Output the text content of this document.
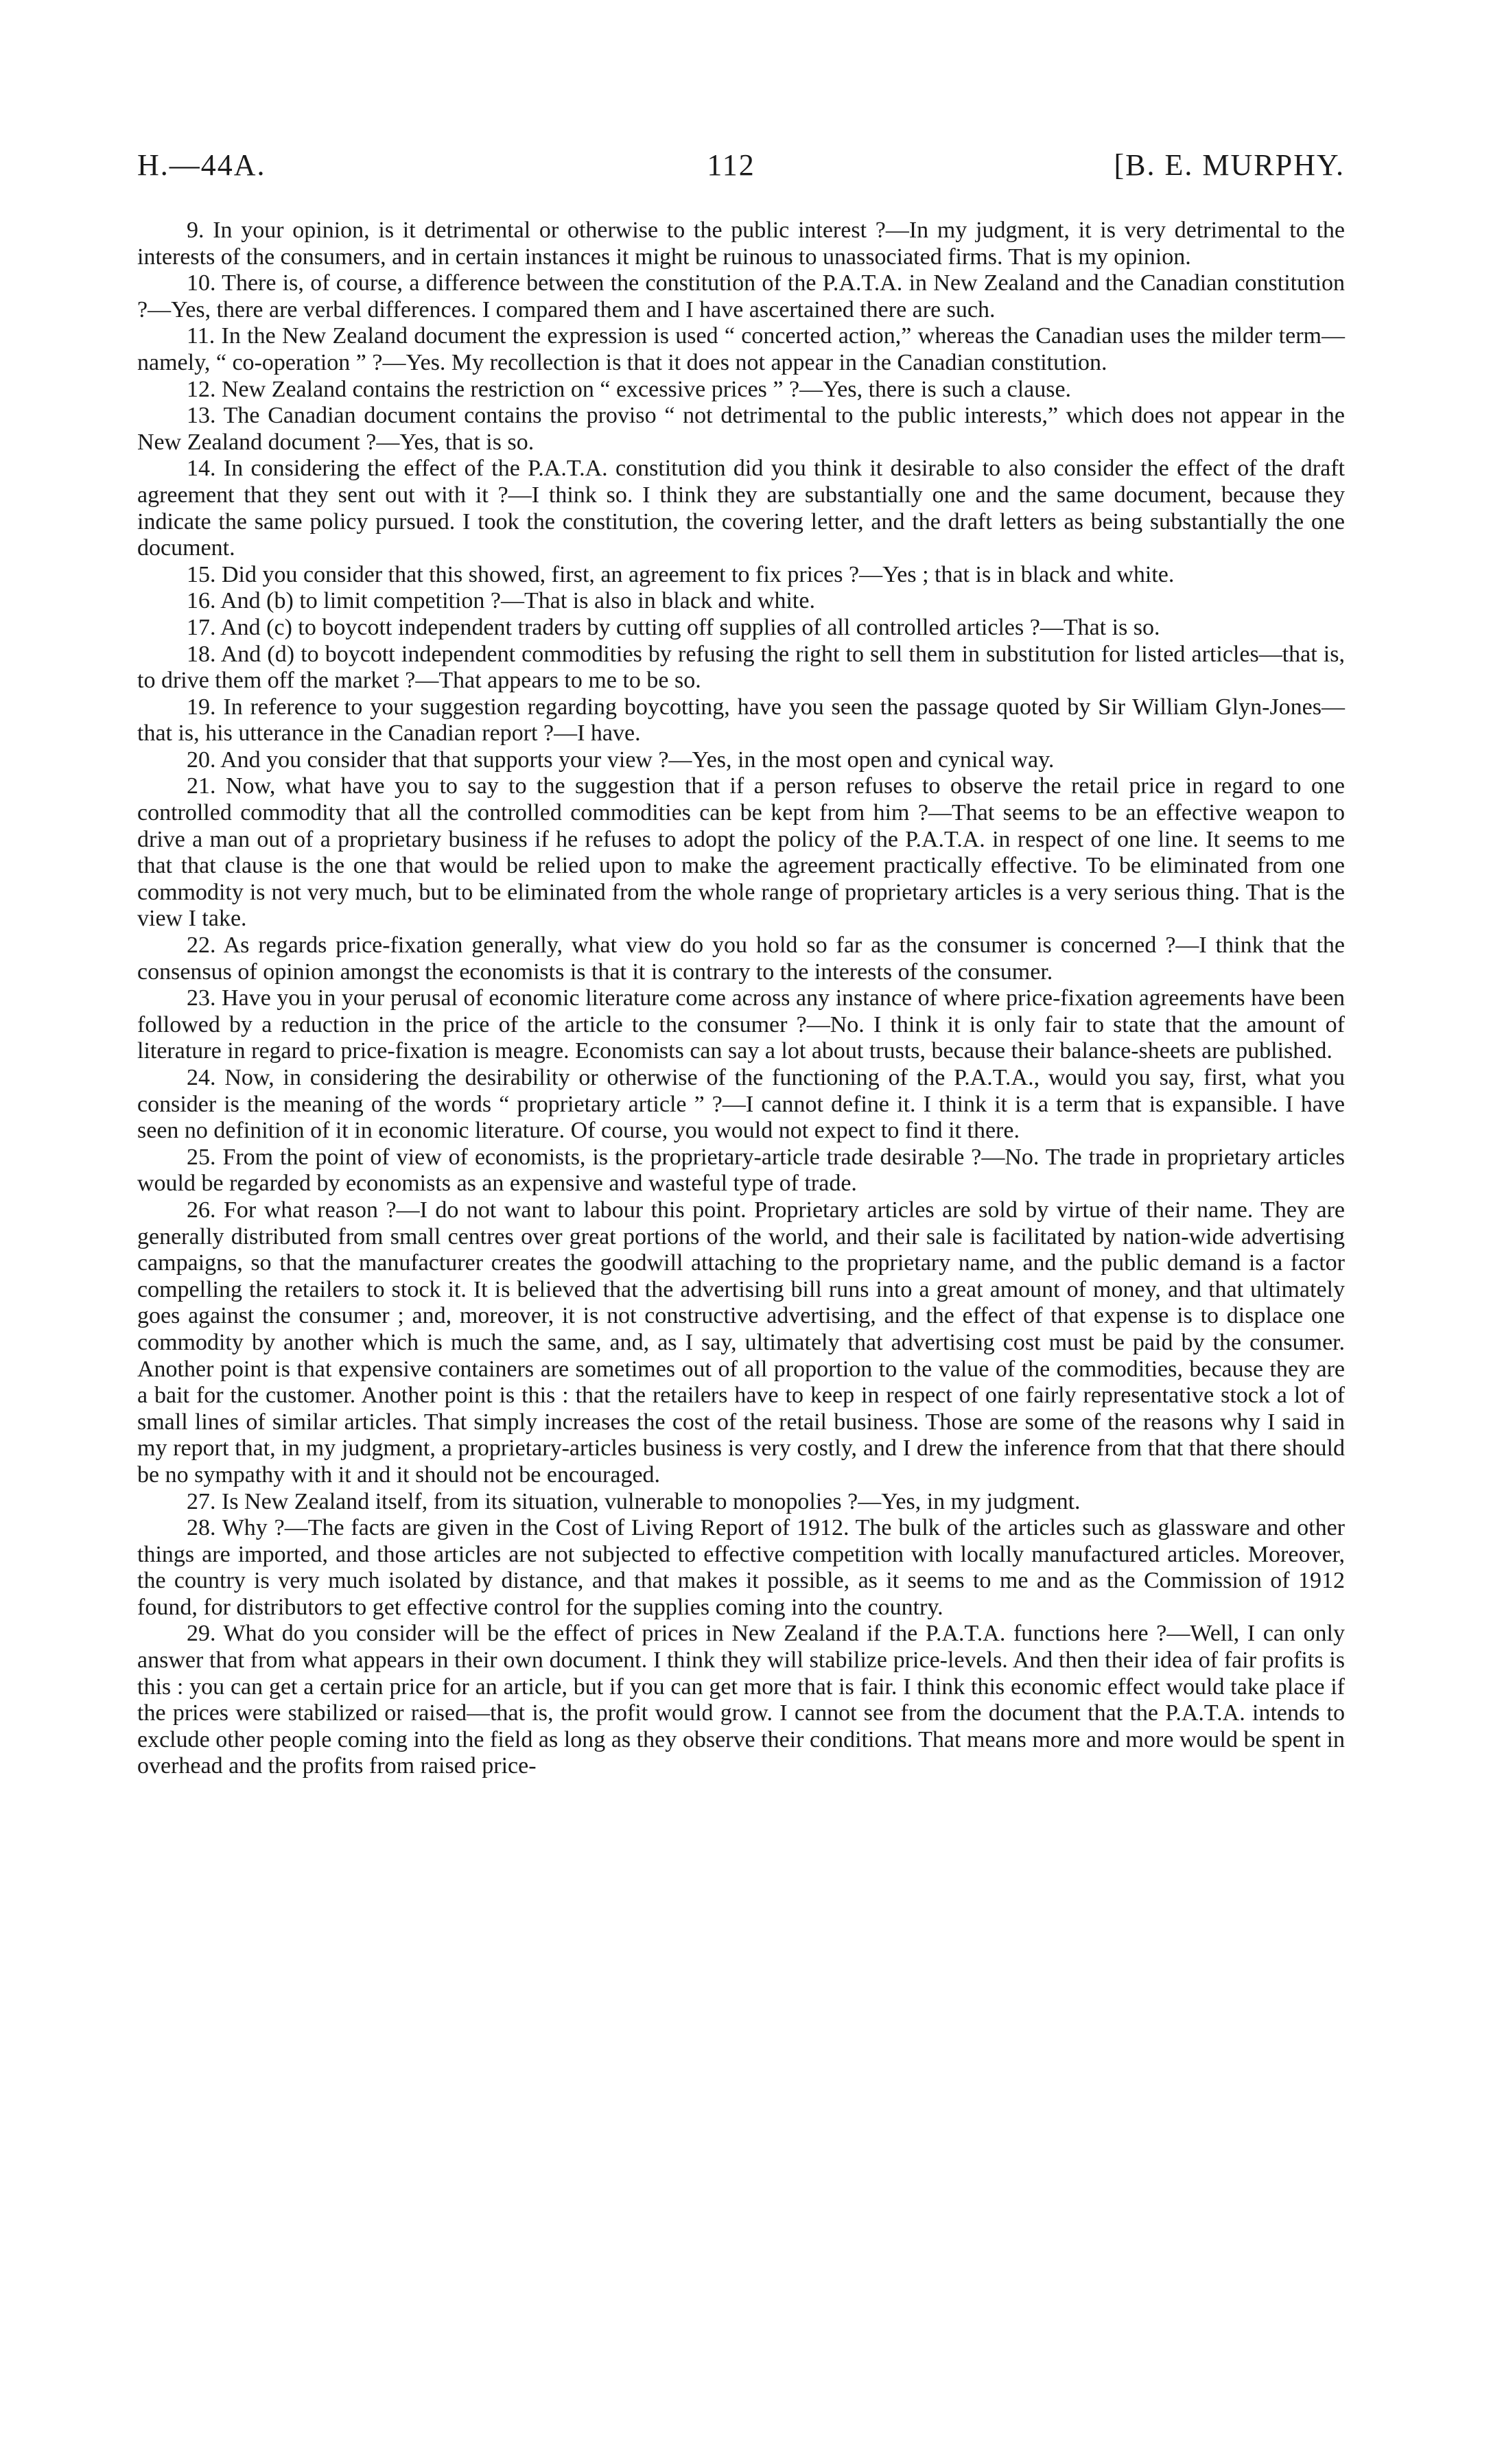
H.—44A.	112	[B. E. MURPHY.

9. In your opinion, is it detrimental or otherwise to the public interest ?—In my judgment, it is very detrimental to the interests of the consumers, and in certain instances it might be ruinous to unassociated firms. That is my opinion.

10. There is, of course, a difference between the constitution of the P.A.T.A. in New Zealand and the Canadian constitution ?—Yes, there are verbal differences. I compared them and I have ascertained there are such.

11. In the New Zealand document the expression is used “ concerted action,” whereas the Canadian uses the milder term—namely, “ co-operation ” ?—Yes. My recollection is that it does not appear in the Canadian constitution.

12. New Zealand contains the restriction on “ excessive prices ” ?—Yes, there is such a clause.

13. The Canadian document contains the proviso “ not detrimental to the public interests,” which does not appear in the New Zealand document ?—Yes, that is so.

14. In considering the effect of the P.A.T.A. constitution did you think it desirable to also consider the effect of the draft agreement that they sent out with it ?—I think so. I think they are substantially one and the same document, because they indicate the same policy pursued. I took the constitution, the covering letter, and the draft letters as being substantially the one document.

15. Did you consider that this showed, first, an agreement to fix prices ?—Yes ; that is in black and white.

16. And (b) to limit competition ?—That is also in black and white.

17. And (c) to boycott independent traders by cutting off supplies of all controlled articles ?—That is so.

18. And (d) to boycott independent commodities by refusing the right to sell them in substitution for listed articles—that is, to drive them off the market ?—That appears to me to be so.

19. In reference to your suggestion regarding boycotting, have you seen the passage quoted by Sir William Glyn-Jones—that is, his utterance in the Canadian report ?—I have.

20. And you consider that that supports your view ?—Yes, in the most open and cynical way.

21. Now, what have you to say to the suggestion that if a person refuses to observe the retail price in regard to one controlled commodity that all the controlled commodities can be kept from him ?—That seems to be an effective weapon to drive a man out of a proprietary business if he refuses to adopt the policy of the P.A.T.A. in respect of one line. It seems to me that that clause is the one that would be relied upon to make the agreement practically effective. To be eliminated from one commodity is not very much, but to be eliminated from the whole range of proprietary articles is a very serious thing. That is the view I take.

22. As regards price-fixation generally, what view do you hold so far as the consumer is concerned ?—I think that the consensus of opinion amongst the economists is that it is contrary to the interests of the consumer.

23. Have you in your perusal of economic literature come across any instance of where price-fixation agreements have been followed by a reduction in the price of the article to the consumer ?—No. I think it is only fair to state that the amount of literature in regard to price-fixation is meagre. Economists can say a lot about trusts, because their balance-sheets are published.

24. Now, in considering the desirability or otherwise of the functioning of the P.A.T.A., would you say, first, what you consider is the meaning of the words “ proprietary article ” ?—I cannot define it. I think it is a term that is expansible. I have seen no definition of it in economic literature. Of course, you would not expect to find it there.

25. From the point of view of economists, is the proprietary-article trade desirable ?—No. The trade in proprietary articles would be regarded by economists as an expensive and wasteful type of trade.

26. For what reason ?—I do not want to labour this point. Proprietary articles are sold by virtue of their name. They are generally distributed from small centres over great portions of the world, and their sale is facilitated by nation-wide advertising campaigns, so that the manufacturer creates the goodwill attaching to the proprietary name, and the public demand is a factor compelling the retailers to stock it. It is believed that the advertising bill runs into a great amount of money, and that ultimately goes against the consumer ; and, moreover, it is not constructive advertising, and the effect of that expense is to displace one commodity by another which is much the same, and, as I say, ultimately that advertising cost must be paid by the consumer. Another point is that expensive containers are sometimes out of all proportion to the value of the commodities, because they are a bait for the customer. Another point is this : that the retailers have to keep in respect of one fairly representative stock a lot of small lines of similar articles. That simply increases the cost of the retail business. Those are some of the reasons why I said in my report that, in my judgment, a proprietary-articles business is very costly, and I drew the inference from that that there should be no sympathy with it and it should not be encouraged.

27. Is New Zealand itself, from its situation, vulnerable to monopolies ?—Yes, in my judgment.

28. Why ?—The facts are given in the Cost of Living Report of 1912. The bulk of the articles such as glassware and other things are imported, and those articles are not subjected to effective competition with locally manufactured articles. Moreover, the country is very much isolated by distance, and that makes it possible, as it seems to me and as the Commission of 1912 found, for distributors to get effective control for the supplies coming into the country.

29. What do you consider will be the effect of prices in New Zealand if the P.A.T.A. functions here ?—Well, I can only answer that from what appears in their own document. I think they will stabilize price-levels. And then their idea of fair profits is this : you can get a certain price for an article, but if you can get more that is fair. I think this economic effect would take place if the prices were stabilized or raised—that is, the profit would grow. I cannot see from the document that the P.A.T.A. intends to exclude other people coming into the field as long as they observe their conditions. That means more and more would be spent in overhead and the profits from raised price-
